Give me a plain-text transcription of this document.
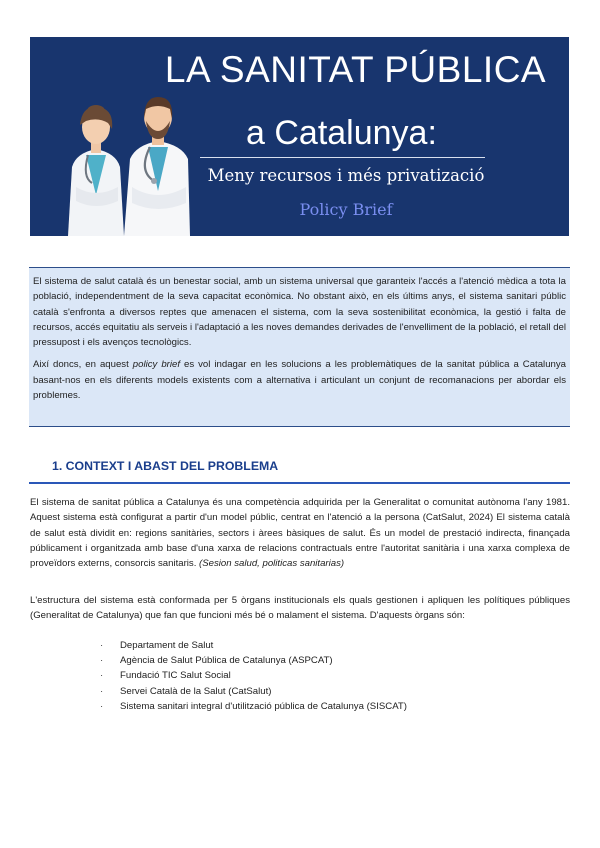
LA SANITAT PÚBLICA
a Catalunya:
Meny recursos i més privatizació
Policy Brief

El sistema de salut català és un benestar social, amb un sistema universal que garanteix l'accés a l'atenció mèdica a tota la població, independentment de la seva capacitat econòmica. No obstant això, en els últims anys, el sistema sanitari públic català s'enfronta a diversos reptes que amenacen el sistema, com la seva sostenibilitat econòmica, la gestió i falta de recursos, accés equitatiu als serveis i l'adaptació a les noves demandes derivades de l'envelliment de la població, el retall del pressupost i els avenços tecnològics.

Així doncs, en aquest policy brief es vol indagar en les solucions a les problemàtiques de la sanitat pública a Catalunya basant-nos en els diferents models existents com a alternativa i articulant un conjunt de recomanacions per abordar els problemes.

1. CONTEXT I ABAST DEL PROBLEMA

El sistema de sanitat pública a Catalunya és una competència adquirida per la Generalitat o comunitat autònoma l'any 1981. Aquest sistema està configurat a partir d'un model públic, centrat en l'atenció a la persona (CatSalut, 2024) El sistema català de salut està dividit en: regions sanitàries, sectors i àrees bàsiques de salut. És un model de prestació indirecta, finançada públicament i organitzada amb base d'una xarxa de relacions contractuals entre l'autoritat sanitària i una xarxa complexa de proveïdors externs, consorcis sanitaris. (Sesion salud, politicas sanitarias)

L'estructura del sistema està conformada per 5 òrgans institucionals els quals gestionen i apliquen les polítiques públiques (Generalitat de Catalunya) que fan que funcioni més bé o malament el sistema. D'aquests òrgans són:

· Departament de Salut
· Agència de Salut Pública de Catalunya (ASPCAT)
· Fundació TIC Salut Social
· Servei Català de la Salut (CatSalut)
· Sistema sanitari integral d'utilització pública de Catalunya (SISCAT)
